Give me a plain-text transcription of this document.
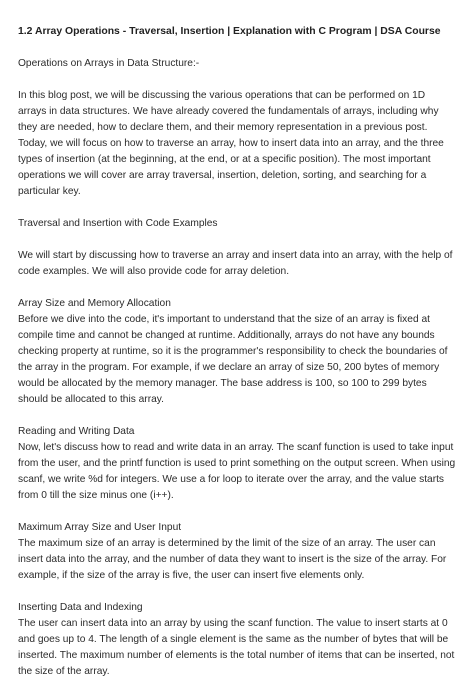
1.2 Array Operations - Traversal, Insertion | Explanation with C Program | DSA Course

Operations on Arrays in Data Structure:-

In this blog post, we will be discussing the various operations that can be performed on 1D arrays in data structures. We have already covered the fundamentals of arrays, including why they are needed, how to declare them, and their memory representation in a previous post. Today, we will focus on how to traverse an array, how to insert data into an array, and the three types of insertion (at the beginning, at the end, or at a specific position). The most important operations we will cover are array traversal, insertion, deletion, sorting, and searching for a particular key.

Traversal and Insertion with Code Examples

We will start by discussing how to traverse an array and insert data into an array, with the help of code examples. We will also provide code for array deletion.

Array Size and Memory Allocation

Before we dive into the code, it's important to understand that the size of an array is fixed at compile time and cannot be changed at runtime. Additionally, arrays do not have any bounds checking property at runtime, so it is the programmer's responsibility to check the boundaries of the array in the program. For example, if we declare an array of size 50, 200 bytes of memory would be allocated by the memory manager. The base address is 100, so 100 to 299 bytes should be allocated to this array.

Reading and Writing Data

Now, let's discuss how to read and write data in an array. The scanf function is used to take input from the user, and the printf function is used to print something on the output screen. When using scanf, we write %d for integers. We use a for loop to iterate over the array, and the value starts from 0 till the size minus one (i++).

Maximum Array Size and User Input

The maximum size of an array is determined by the limit of the size of an array. The user can insert data into the array, and the number of data they want to insert is the size of the array. For example, if the size of the array is five, the user can insert five elements only.

Inserting Data and Indexing

The user can insert data into an array by using the scanf function. The value to insert starts at 0 and goes up to 4. The length of a single element is the same as the number of bytes that will be inserted. The maximum number of elements is the total number of items that can be inserted, not the size of the array.
